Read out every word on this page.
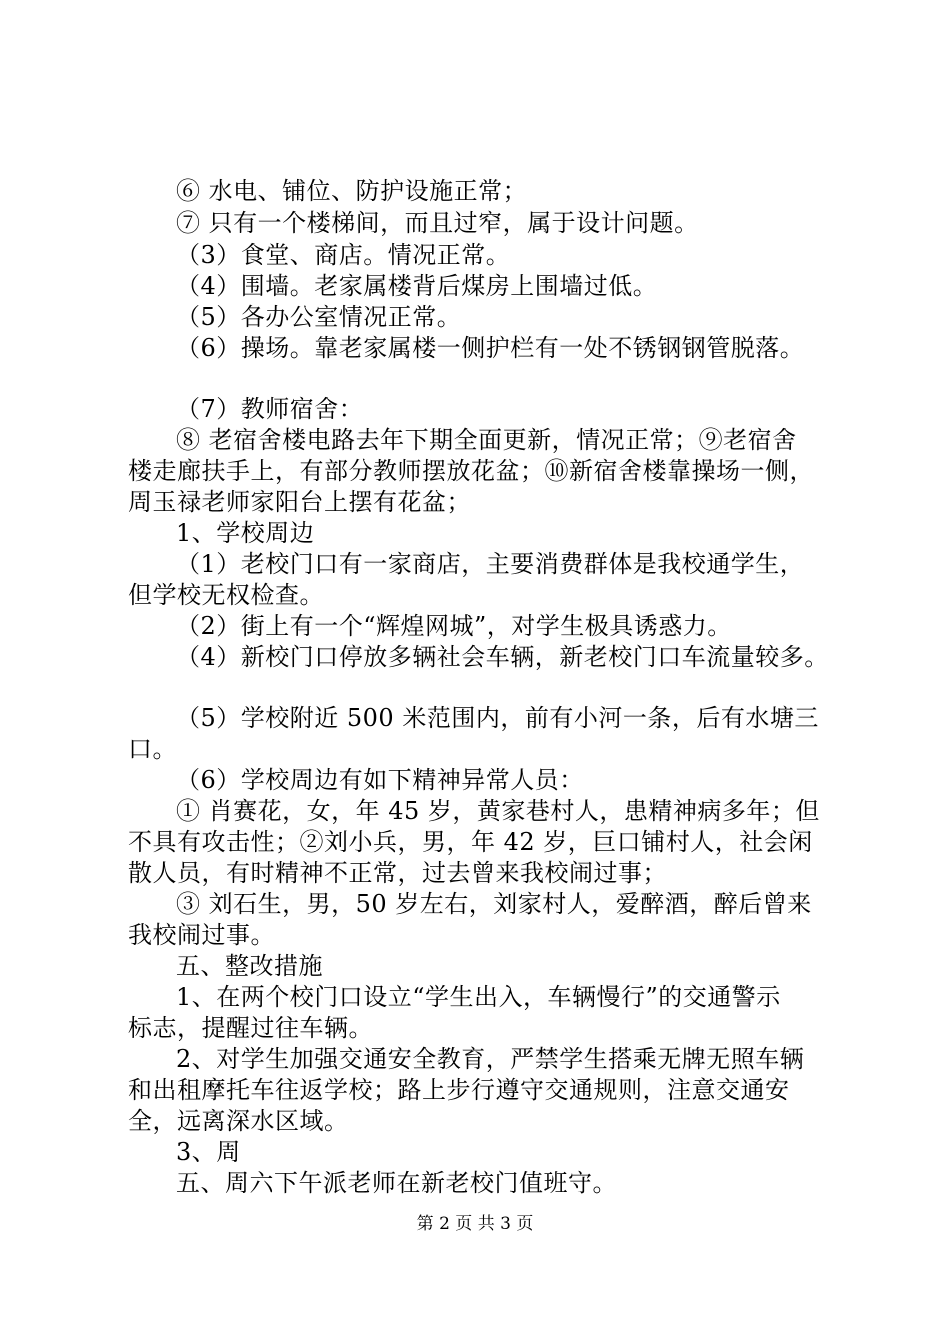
⑥ 水电、铺位、防护设施正常；
⑦ 只有一个楼梯间，而且过窄，属于设计问题。
（3）食堂、商店。情况正常。
（4）围墙。老家属楼背后煤房上围墙过低。
（5）各办公室情况正常。
（6）操场。靠老家属楼一侧护栏有一处不锈钢钢管脱落。
（7）教师宿舍：
⑧ 老宿舍楼电路去年下期全面更新，情况正常；⑨老宿舍
楼走廊扶手上，有部分教师摆放花盆；⑩新宿舍楼靠操场一侧，
周玉禄老师家阳台上摆有花盆；
1、学校周边
（1）老校门口有一家商店，主要消费群体是我校通学生，
但学校无权检查。
（2）街上有一个“辉煌网城”，对学生极具诱惑力。
（4）新校门口停放多辆社会车辆，新老校门口车流量较多。
（5）学校附近 500 米范围内，前有小河一条，后有水塘三
口。
（6）学校周边有如下精神异常人员：
① 肖赛花，女，年 45 岁，黄家巷村人，患精神病多年；但
不具有攻击性；②刘小兵，男，年 42 岁，巨口铺村人，社会闲
散人员，有时精神不正常，过去曾来我校闹过事；
③ 刘石生，男，50 岁左右，刘家村人，爱醉酒，醉后曾来
我校闹过事。
五、整改措施
1、在两个校门口设立“学生出入，车辆慢行”的交通警示
标志，提醒过往车辆。
2、对学生加强交通安全教育，严禁学生搭乘无牌无照车辆
和出租摩托车往返学校；路上步行遵守交通规则，注意交通安
全，远离深水区域。
3、周
五、周六下午派老师在新老校门值班守。
第 2 页 共 3 页
